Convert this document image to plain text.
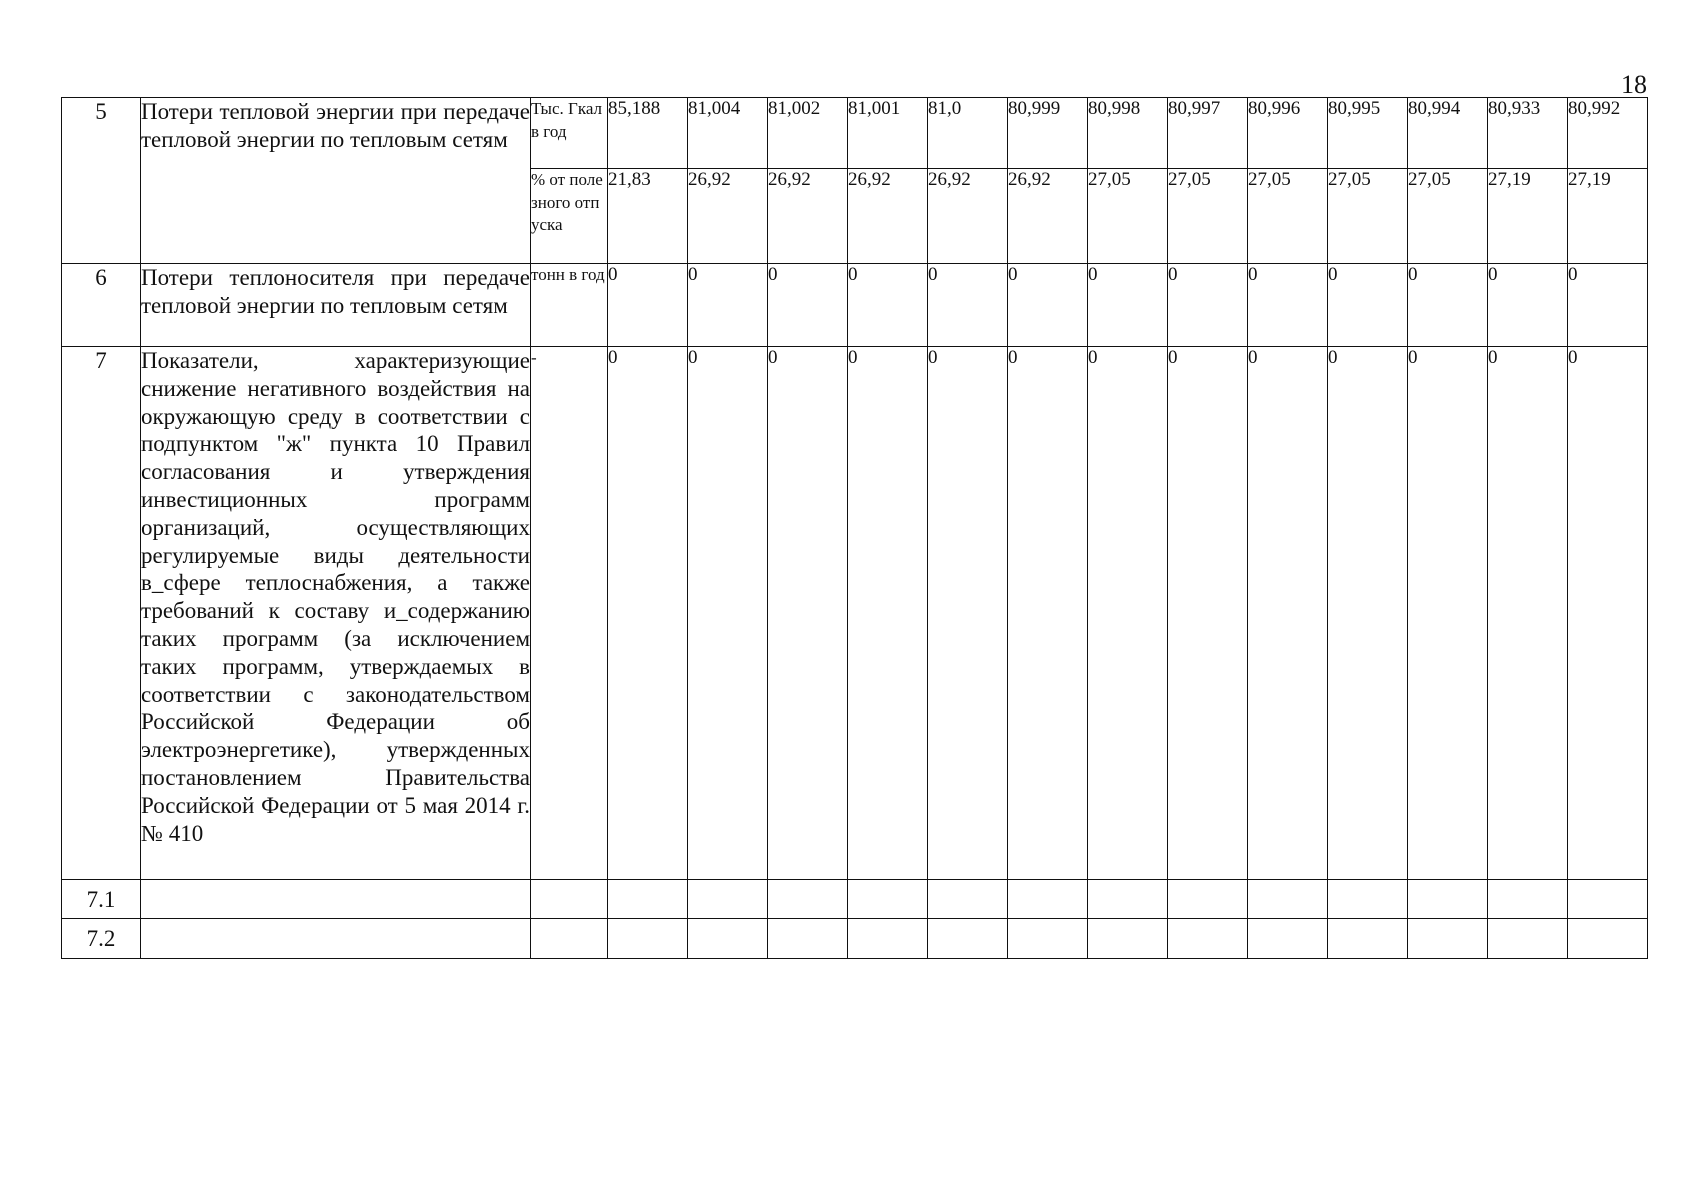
18
5	Потери тепловой энергии при передаче тепловой энергии по тепловым сетям	Тыс. Гкал в год	85,188	81,004	81,002	81,001	81,0	80,999	80,998	80,997	80,996	80,995	80,994	80,933	80,992
		% от полезного отпуска	21,83	26,92	26,92	26,92	26,92	26,92	27,05	27,05	27,05	27,05	27,05	27,19	27,19
6	Потери теплоносителя при передаче тепловой энергии по тепловым сетям	тонн в год	0	0	0	0	0	0	0	0	0	0	0	0	0
7	Показатели, характеризующие снижение негативного воздействия на окружающую среду в соответствии с подпунктом "ж" пункта 10 Правил согласования и утверждения инвестиционных программ организаций, осуществляющих регулируемые виды деятельности в_сфере теплоснабжения, а также требований к составу и_содержанию таких программ (за исключением таких программ, утверждаемых в соответствии с законодательством Российской Федерации об электроэнергетике), утвержденных постановлением Правительства Российской Федерации от 5 мая 2014 г. № 410	-	0	0	0	0	0	0	0	0	0	0	0	0	0
7.1															
7.2															
